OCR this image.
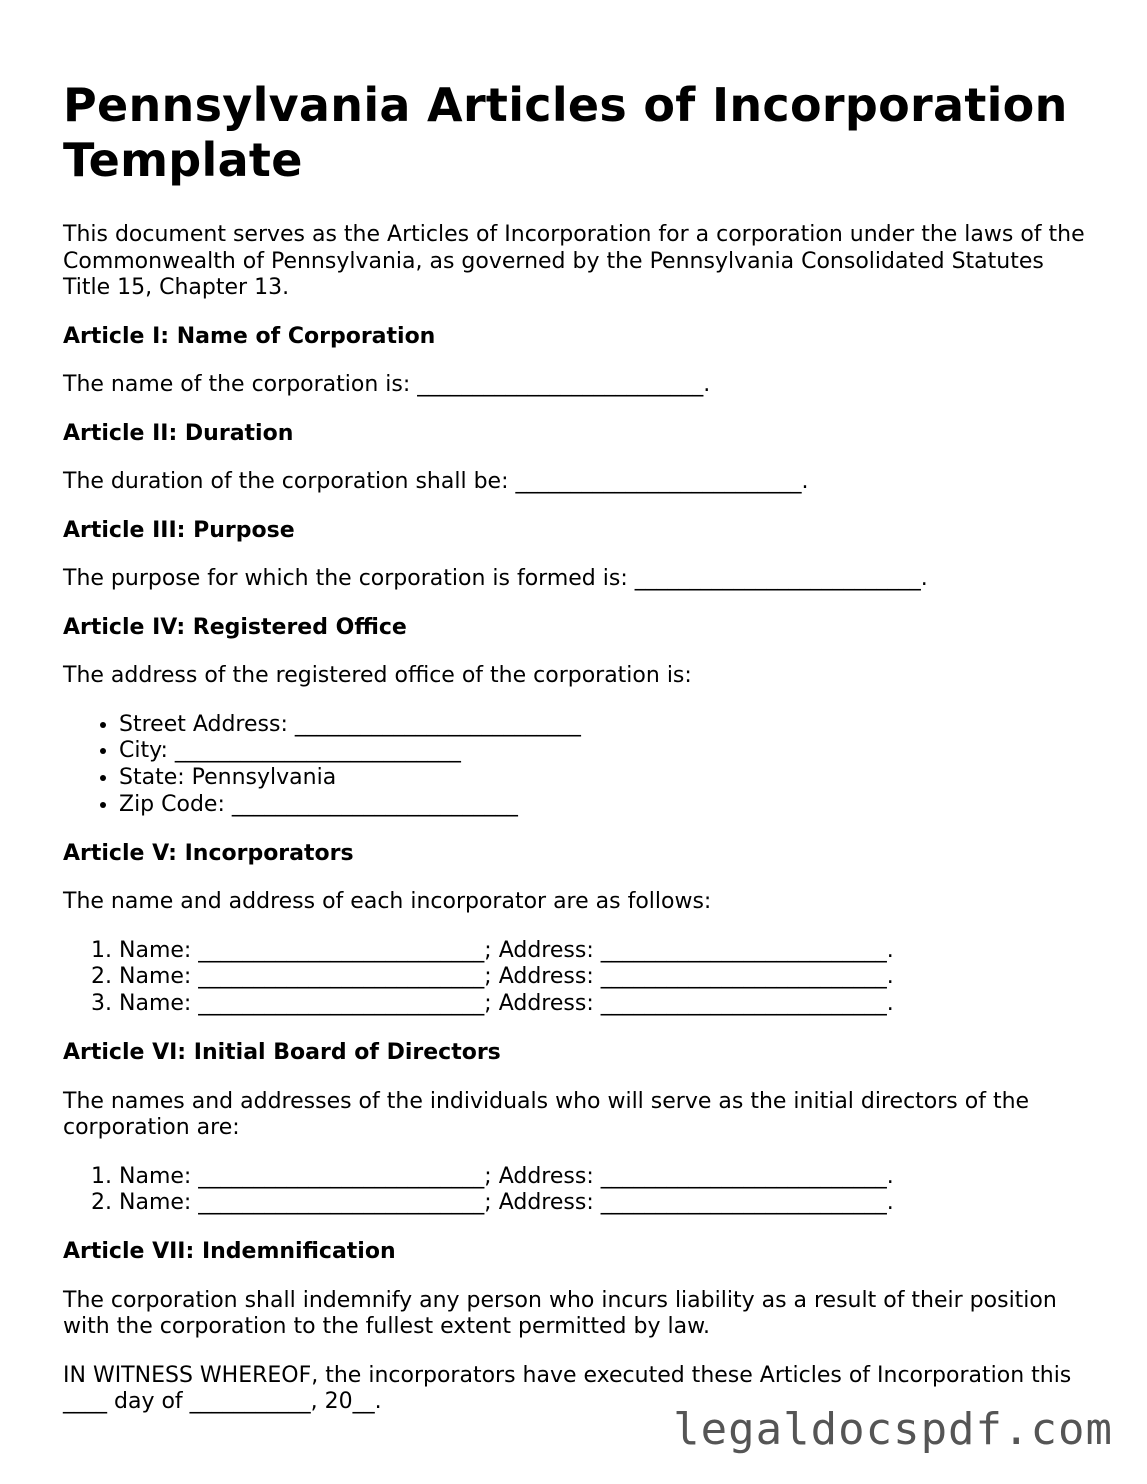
Pennsylvania Articles of Incorporation Template

This document serves as the Articles of Incorporation for a corporation under the laws of the Commonwealth of Pennsylvania, as governed by the Pennsylvania Consolidated Statutes Title 15, Chapter 13.

Article I: Name of Corporation

The name of the corporation is: __________________________.

Article II: Duration

The duration of the corporation shall be: __________________________.

Article III: Purpose

The purpose for which the corporation is formed is: __________________________.

Article IV: Registered Office

The address of the registered office of the corporation is:

• Street Address: __________________________
• City: __________________________
• State: Pennsylvania
• Zip Code: __________________________
Article V: Incorporators

The name and address of each incorporator are as follows:

1. Name: __________________________; Address: __________________________.
2. Name: __________________________; Address: __________________________.
3. Name: __________________________; Address: __________________________.
Article VI: Initial Board of Directors

The names and addresses of the individuals who will serve as the initial directors of the corporation are:

1. Name: __________________________; Address: __________________________.
2. Name: __________________________; Address: __________________________.
Article VII: Indemnification

The corporation shall indemnify any person who incurs liability as a result of their position with the corporation to the fullest extent permitted by law.

IN WITNESS WHEREOF, the incorporators have executed these Articles of Incorporation this ____ day of ___________, 20__.

legaldocspdf.com
